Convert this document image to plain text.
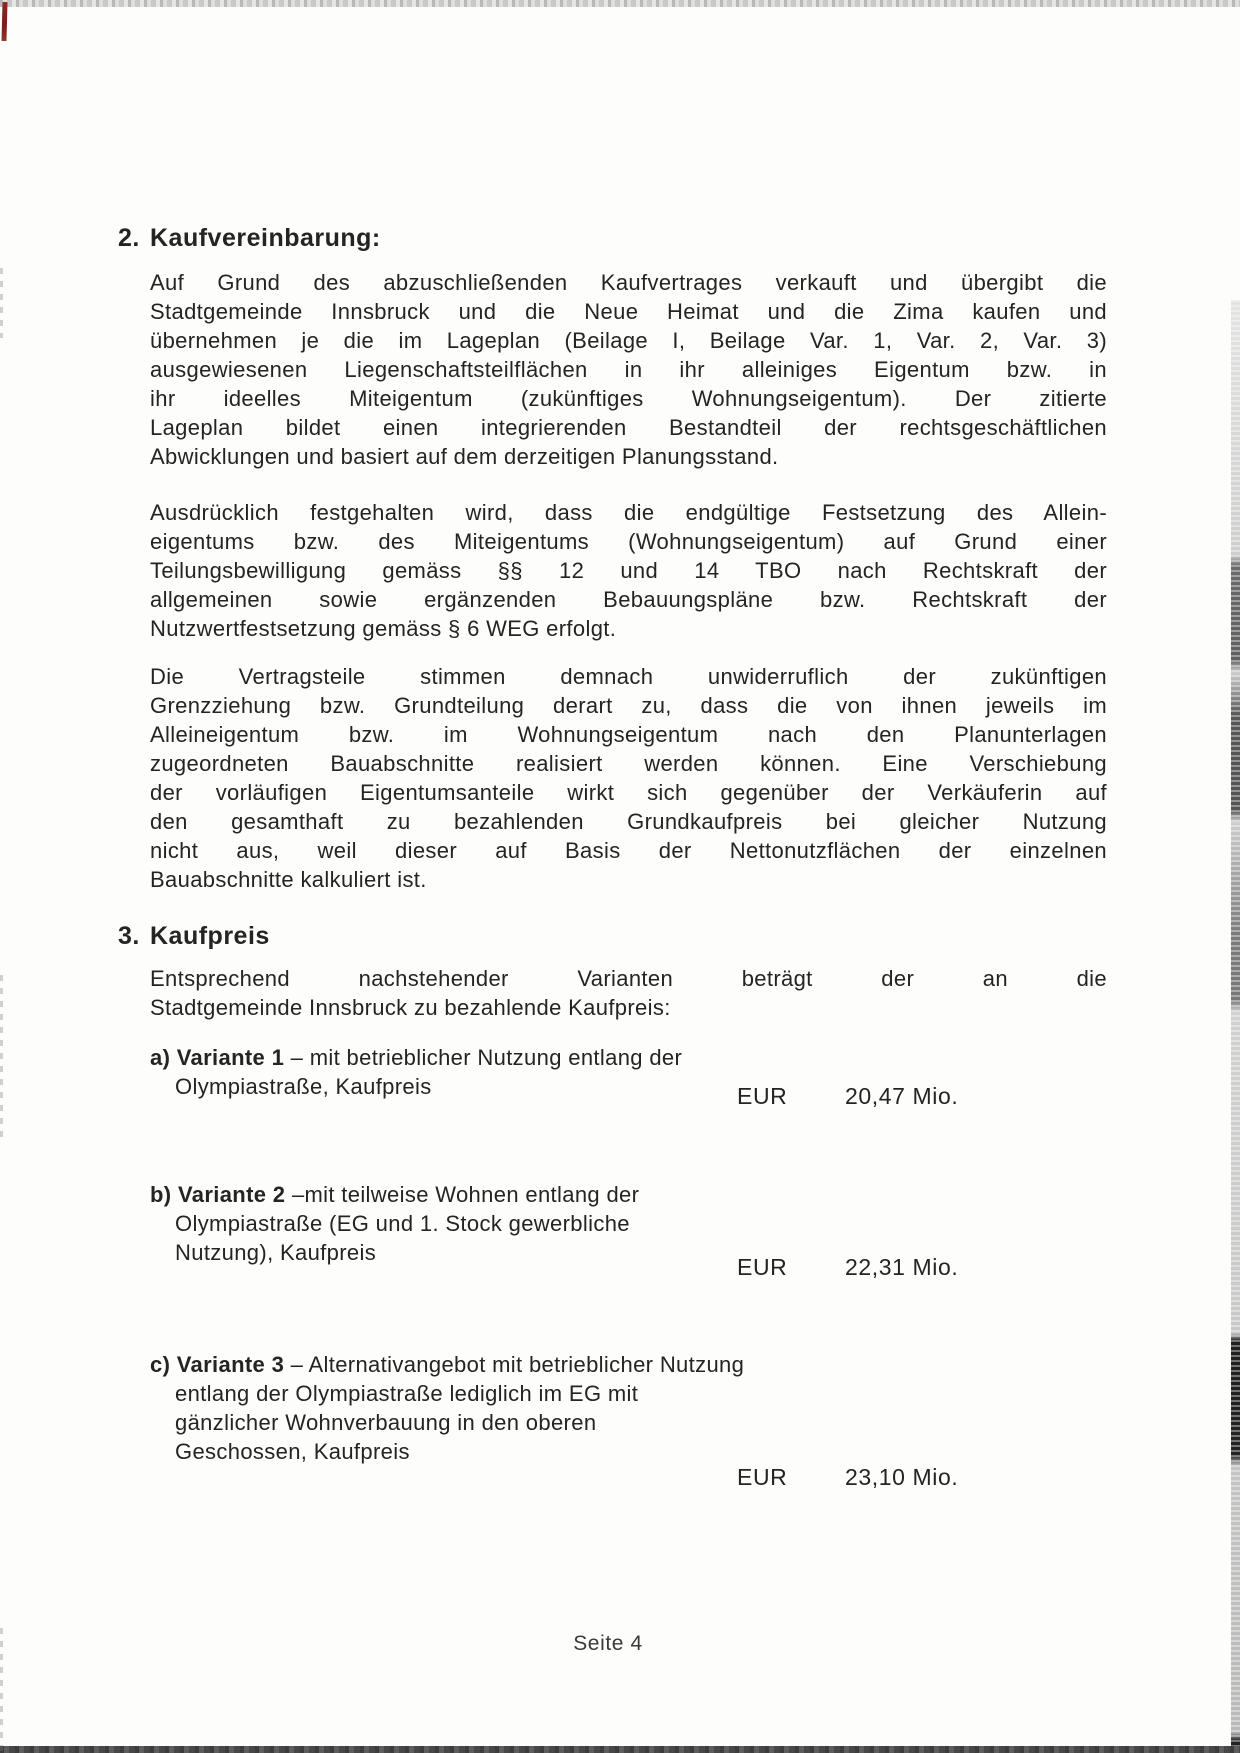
2. Kaufvereinbarung:
Auf Grund des abzuschließenden Kaufvertrages verkauft und übergibt die
Stadtgemeinde Innsbruck und die Neue Heimat und die Zima kaufen und
übernehmen je die im Lageplan (Beilage I, Beilage Var. 1, Var. 2, Var. 3)
ausgewiesenen Liegenschaftsteilflächen in ihr alleiniges Eigentum bzw. in
ihr ideelles Miteigentum (zukünftiges Wohnungseigentum). Der zitierte
Lageplan bildet einen integrierenden Bestandteil der rechtsgeschäftlichen
Abwicklungen und basiert auf dem derzeitigen Planungsstand.
Ausdrücklich festgehalten wird, dass die endgültige Festsetzung des Allein-
eigentums bzw. des Miteigentums (Wohnungseigentum) auf Grund einer
Teilungsbewilligung gemäss §§ 12 und 14 TBO nach Rechtskraft der
allgemeinen sowie ergänzenden Bebauungspläne bzw. Rechtskraft der
Nutzwertfestsetzung gemäss § 6 WEG erfolgt.
Die Vertragsteile stimmen demnach unwiderruflich der zukünftigen
Grenzziehung bzw. Grundteilung derart zu, dass die von ihnen jeweils im
Alleineigentum bzw. im Wohnungseigentum nach den Planunterlagen
zugeordneten Bauabschnitte realisiert werden können. Eine Verschiebung
der vorläufigen Eigentumsanteile wirkt sich gegenüber der Verkäuferin auf
den gesamthaft zu bezahlenden Grundkaufpreis bei gleicher Nutzung
nicht aus, weil dieser auf Basis der Nettonutzflächen der einzelnen
Bauabschnitte kalkuliert ist.
3. Kaufpreis
Entsprechend nachstehender Varianten beträgt der an die
Stadtgemeinde Innsbruck zu bezahlende Kaufpreis:
a) Variante 1 – mit betrieblicher Nutzung entlang der
Olympiastraße, Kaufpreis	EUR	20,47 Mio.
b) Variante 2 –mit teilweise Wohnen entlang der
Olympiastraße (EG und 1. Stock gewerbliche
Nutzung), Kaufpreis
EUR	22,31 Mio.
c) Variante 3 – Alternativangebot mit betrieblicher Nutzung
entlang der Olympiastraße lediglich im EG mit
gänzlicher Wohnverbauung in den oberen
Geschossen, Kaufpreis
EUR	23,10 Mio.
Seite 4
